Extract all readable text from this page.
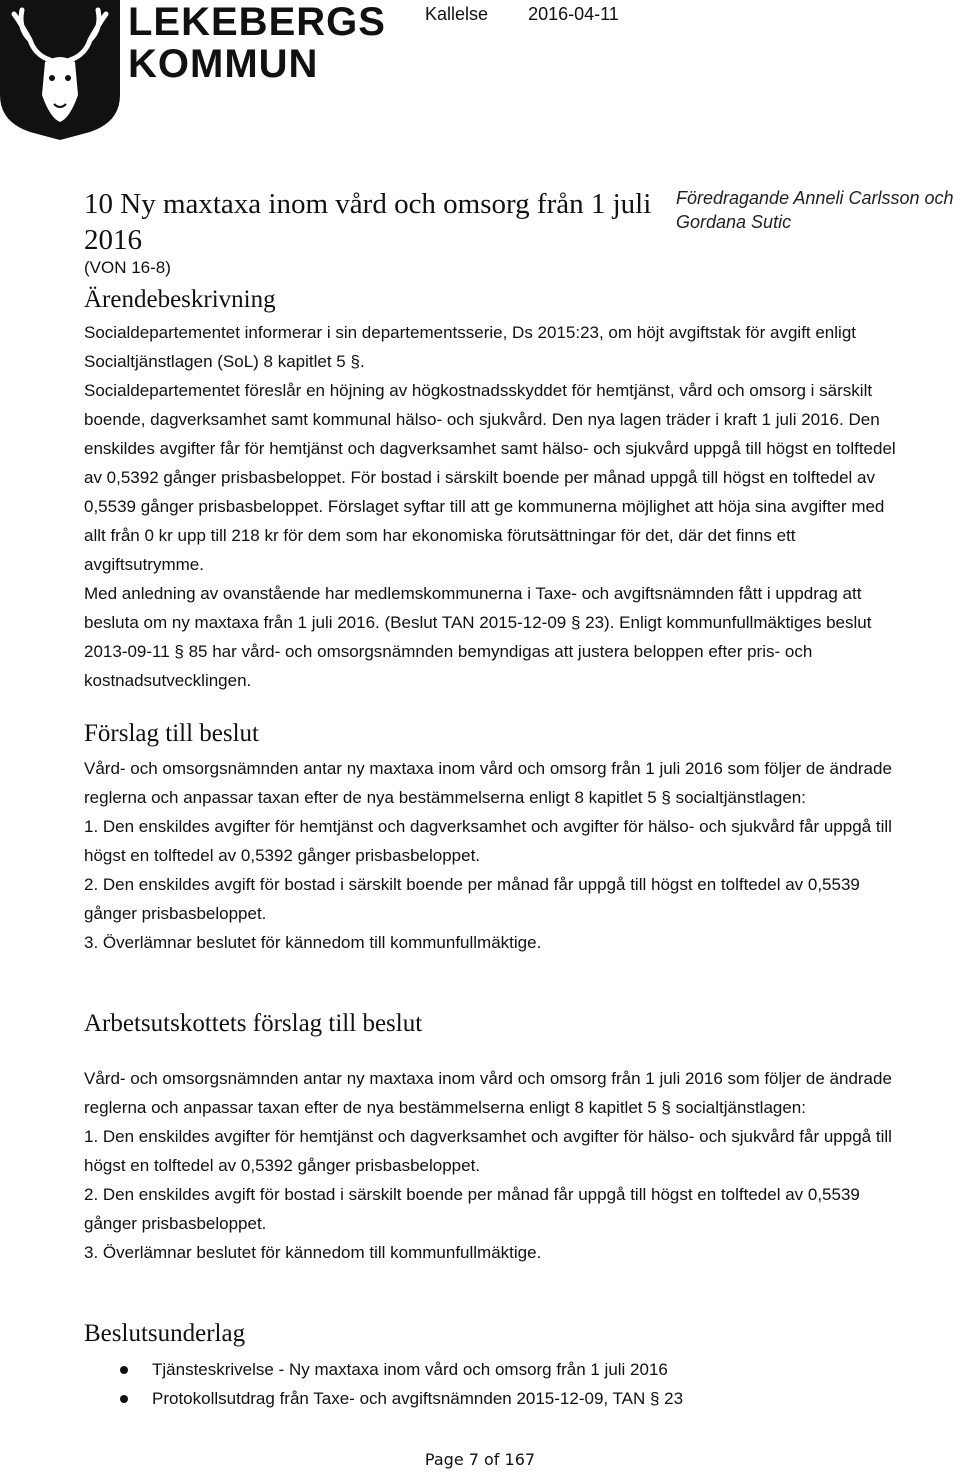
LEKEBERGS
KOMMUN
Kallelse 2016-04-11
10 Ny maxtaxa inom vård och omsorg från 1 juli 2016
Föredragande Anneli Carlsson och Gordana Sutic
(VON 16-8)
Ärendebeskrivning

Socialdepartementet informerar i sin departementsserie, Ds 2015:23, om höjt avgiftstak för avgift enligt Socialtjänstlagen (SoL) 8 kapitlet 5 §.

Socialdepartementet föreslår en höjning av högkostnadsskyddet för hemtjänst, vård och omsorg i särskilt boende, dagverksamhet samt kommunal hälso- och sjukvård. Den nya lagen träder i kraft 1 juli 2016. Den enskildes avgifter får för hemtjänst och dagverksamhet samt hälso- och sjukvård uppgå till högst en tolftedel av 0,5392 gånger prisbasbeloppet. För bostad i särskilt boende per månad uppgå till högst en tolftedel av 0,5539 gånger prisbasbeloppet. Förslaget syftar till att ge kommunerna möjlighet att höja sina avgifter med allt från 0 kr upp till 218 kr för dem som har ekonomiska förutsättningar för det, där det finns ett avgiftsutrymme.

Med anledning av ovanstående har medlemskommunerna i Taxe- och avgiftsnämnden fått i uppdrag att besluta om ny maxtaxa från 1 juli 2016. (Beslut TAN 2015-12-09 § 23). Enligt kommunfullmäktiges beslut 2013-09-11 § 85 har vård- och omsorgsnämnden bemyndigas att justera beloppen efter pris- och kostnadsutvecklingen.

Förslag till beslut

Vård- och omsorgsnämnden antar ny maxtaxa inom vård och omsorg från 1 juli 2016 som följer de ändrade reglerna och anpassar taxan efter de nya bestämmelserna enligt 8 kapitlet 5 § socialtjänstlagen:

1. Den enskildes avgifter för hemtjänst och dagverksamhet och avgifter för hälso- och sjukvård får uppgå till högst en tolftedel av 0,5392 gånger prisbasbeloppet.

2. Den enskildes avgift för bostad i särskilt boende per månad får uppgå till högst en tolftedel av 0,5539 gånger prisbasbeloppet.

3. Överlämnar beslutet för kännedom till kommunfullmäktige.

Arbetsutskottets förslag till beslut

Vård- och omsorgsnämnden antar ny maxtaxa inom vård och omsorg från 1 juli 2016 som följer de ändrade reglerna och anpassar taxan efter de nya bestämmelserna enligt 8 kapitlet 5 § socialtjänstlagen:

1. Den enskildes avgifter för hemtjänst och dagverksamhet och avgifter för hälso- och sjukvård får uppgå till högst en tolftedel av 0,5392 gånger prisbasbeloppet.

2. Den enskildes avgift för bostad i särskilt boende per månad får uppgå till högst en tolftedel av 0,5539 gånger prisbasbeloppet.

3. Överlämnar beslutet för kännedom till kommunfullmäktige.

Beslutsunderlag
Tjänsteskrivelse - Ny maxtaxa inom vård och omsorg från 1 juli 2016
Protokollsutdrag från Taxe- och avgiftsnämnden 2015-12-09, TAN § 23
Page 7 of 167
